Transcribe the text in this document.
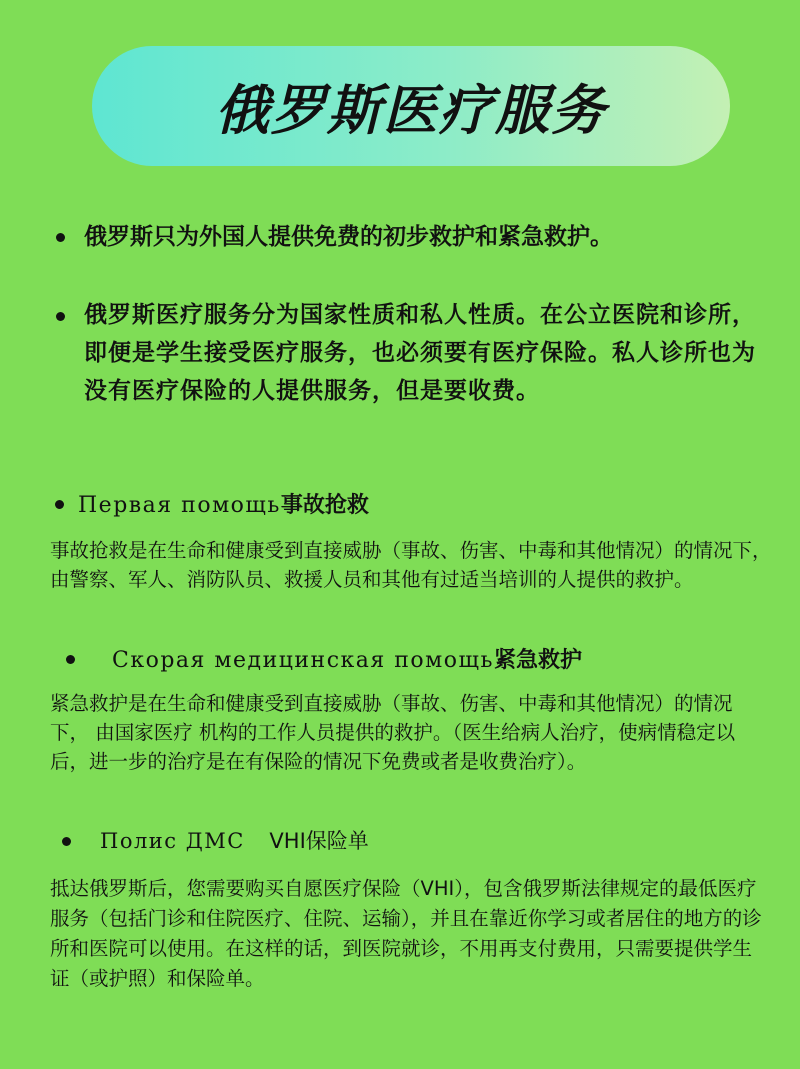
俄罗斯医疗服务
俄罗斯只为外国人提供免费的初步救护和紧急救护。
俄罗斯医疗服务分为国家性质和私人性质。在公立医院和诊所，即便是学生接受医疗服务，也必须要有医疗保险。私人诊所也为没有医疗保险的人提供服务，但是要收费。
Первая помощь事故抢救
事故抢救是在生命和健康受到直接威胁（事故、伤害、中毒和其他情况）的情况下，由警察、军人、消防队员、救援人员和其他有过适当培训的人提供的救护。
Скорая медицинская помощь紧急救护
紧急救护是在生命和健康受到直接威胁（事故、伤害、中毒和其他情况）的情况下， 由国家医疗 机构的工作人员提供的救护。（医生给病人治疗，使病情稳定以后，进一步的治疗是在有保险的情况下免费或者是收费治疗）。
Полис ДМС VHI保险单
抵达俄罗斯后，您需要购买自愿医疗保险（VHI），包含俄罗斯法律规定的最低医疗服务（包括门诊和住院医疗、住院、运输），并且在靠近你学习或者居住的地方的诊所和医院可以使用。在这样的话，到医院就诊，不用再支付费用，只需要提供学生证（或护照）和保险单。
